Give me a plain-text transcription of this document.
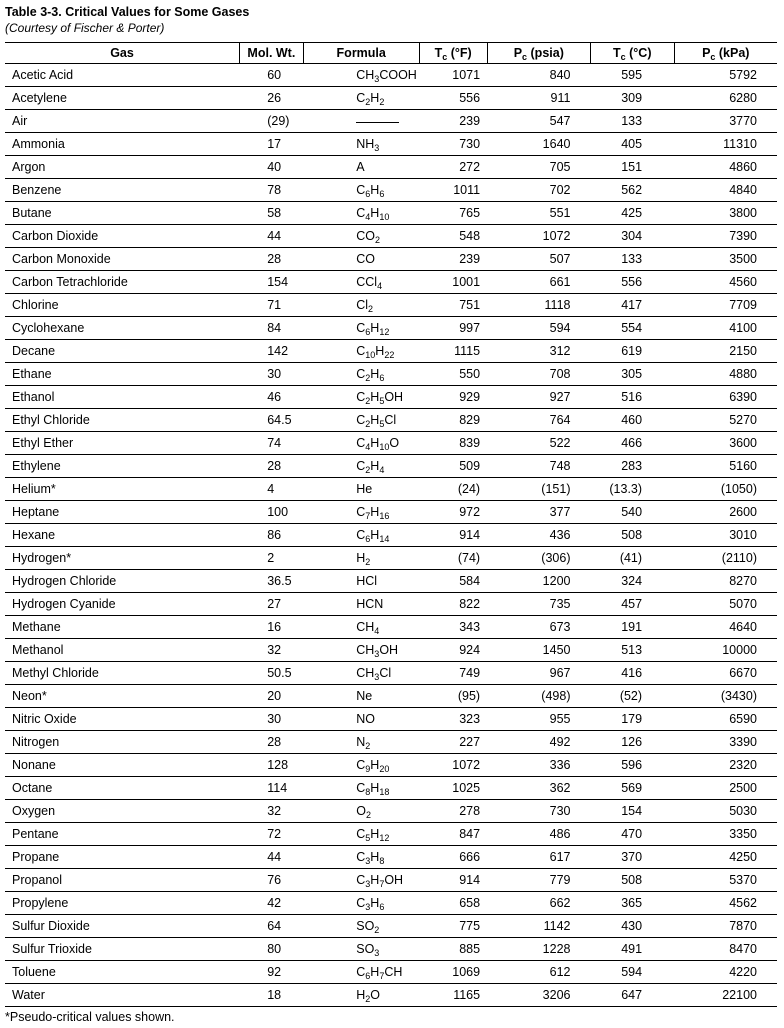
Table 3-3. Critical Values for Some Gases
(Courtesy of Fischer & Porter)
Gas	Mol. Wt.	Formula	$T_c$ (°F)	$P_c$ (psia)	$T_c$ (°C)	$P_c$ (kPa)
Acetic Acid	60	$CH_3COOH$	1071	840	595	5792
Acetylene	26	$C_2H_2$	556	911	309	6280
Air	(29)		239	547	133	3770
Ammonia	17	$NH_3$	730	1640	405	11310
Argon	40	A	272	705	151	4860
Benzene	78	$C_6H_6$	1011	702	562	4840
Butane	58	$C_4H_{10}$	765	551	425	3800
Carbon Dioxide	44	$CO_2$	548	1072	304	7390
Carbon Monoxide	28	CO	239	507	133	3500
Carbon Tetrachloride	154	CCl$_4$	1001	661	556	4560
Chlorine	71	$Cl_2$	751	1118	417	7709
Cyclohexane	84	$C_6H_{12}$	997	594	554	4100
Decane	142	$C_{10}H_{22}$	1115	312	619	2150
Ethane	30	$C_2H_6$	550	708	305	4880
Ethanol	46	$C_2H_5OH$	929	927	516	6390
Ethyl Chloride	64.5	$C_2H_5Cl$	829	764	460	5270
Ethyl Ether	74	$C_4H_{10}O$	839	522	466	3600
Ethylene	28	$C_2H_4$	509	748	283	5160
Helium*	4	He	(24)	(151)	(13.3)	(1050)
Heptane	100	$C_7H_{16}$	972	377	540	2600
Hexane	86	$C_6H_{14}$	914	436	508	3010
Hydrogen*	2	$H_2$	(74)	(306)	(41)	(2110)
Hydrogen Chloride	36.5	HCl	584	1200	324	8270
Hydrogen Cyanide	27	HCN	822	735	457	5070
Methane	16	$CH_4$	343	673	191	4640
Methanol	32	$CH_3OH$	924	1450	513	10000
Methyl Chloride	50.5	$CH_3Cl$	749	967	416	6670
Neon*	20	Ne	(95)	(498)	(52)	(3430)
Nitric Oxide	30	NO	323	955	179	6590
Nitrogen	28	$N_2$	227	492	126	3390
Nonane	128	$C_9H_{20}$	1072	336	596	2320
Octane	114	$C_8H_{18}$	1025	362	569	2500
Oxygen	32	$O_2$	278	730	154	5030
Pentane	72	$C_5H_{12}$	847	486	470	3350
Propane	44	$C_3H_8$	666	617	370	4250
Propanol	76	$C_3H_7OH$	914	779	508	5370
Propylene	42	$C_3H_6$	658	662	365	4562
Sulfur Dioxide	64	$SO_2$	775	1142	430	7870
Sulfur Trioxide	80	$SO_3$	885	1228	491	8470
Toluene	92	$C_6H_7CH$	1069	612	594	4220
Water	18	$H_2O$	1165	3206	647	22100
*Pseudo-critical values shown.
